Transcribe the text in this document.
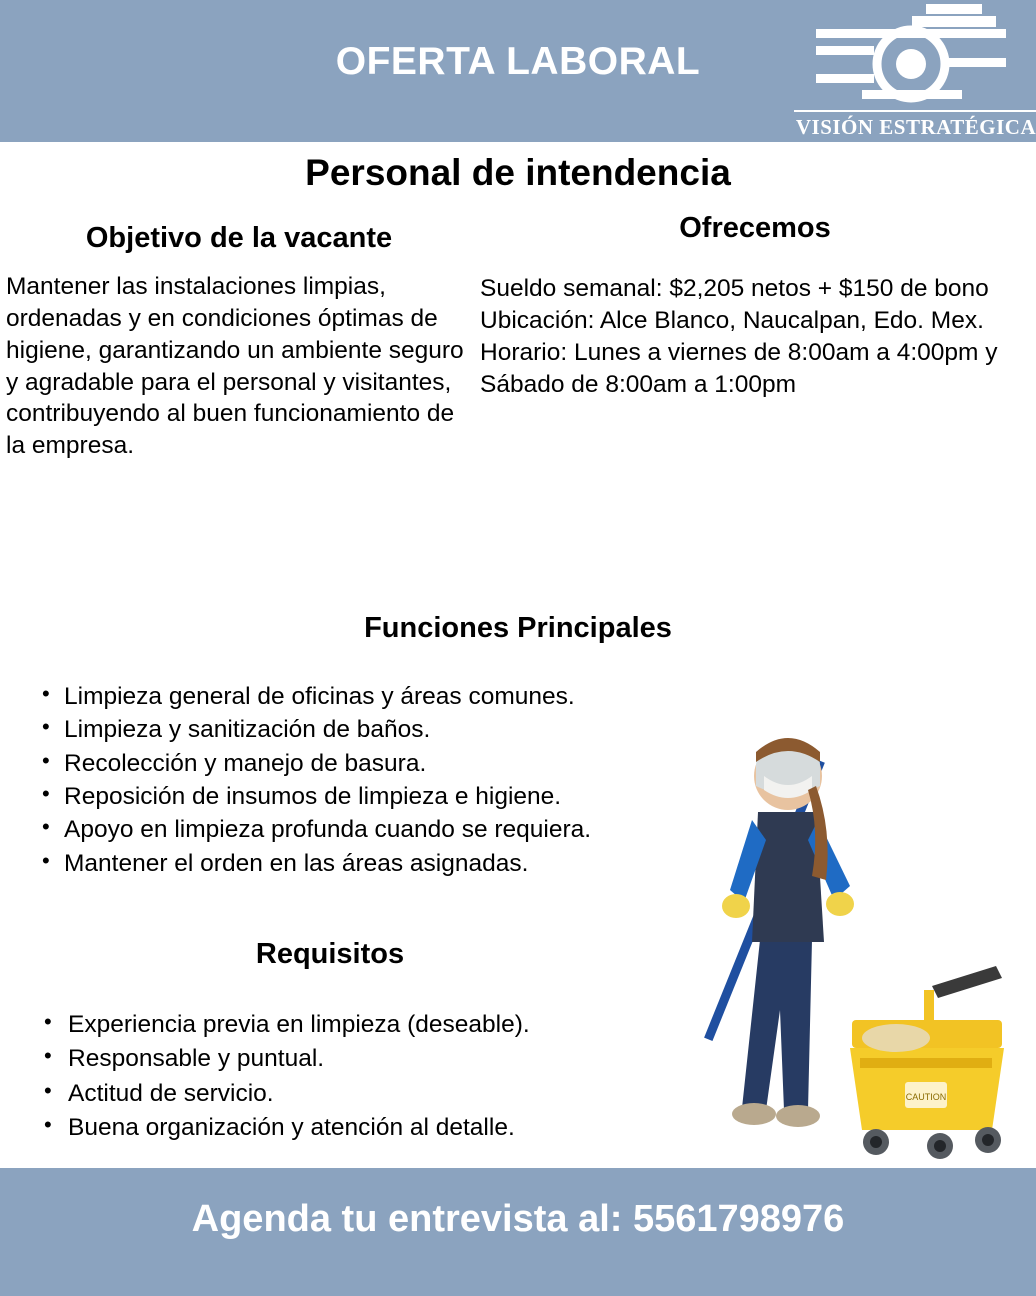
OFERTA LABORAL
VISIÓN ESTRATÉGICA
Personal de intendencia
Objetivo de la vacante
Mantener las instalaciones limpias, ordenadas y en condiciones óptimas de higiene, garantizando un ambiente seguro y agradable para el personal y visitantes, contribuyendo al buen funcionamiento de la empresa.
Ofrecemos
Sueldo semanal: $2,205 netos + $150 de bono
Ubicación: Alce Blanco, Naucalpan, Edo. Mex.
Horario: Lunes a viernes de 8:00am a 4:00pm y Sábado de 8:00am a 1:00pm
Funciones Principales
• Limpieza general de oficinas y áreas comunes.
• Limpieza y sanitización de baños.
• Recolección y manejo de basura.
• Reposición de insumos de limpieza e higiene.
• Apoyo en limpieza profunda cuando se requiera.
• Mantener el orden en las áreas asignadas.
Requisitos
• Experiencia previa en limpieza (deseable).
• Responsable y puntual.
• Actitud de servicio.
• Buena organización y atención al detalle.
CAUTION
Agenda tu entrevista al: 5561798976
